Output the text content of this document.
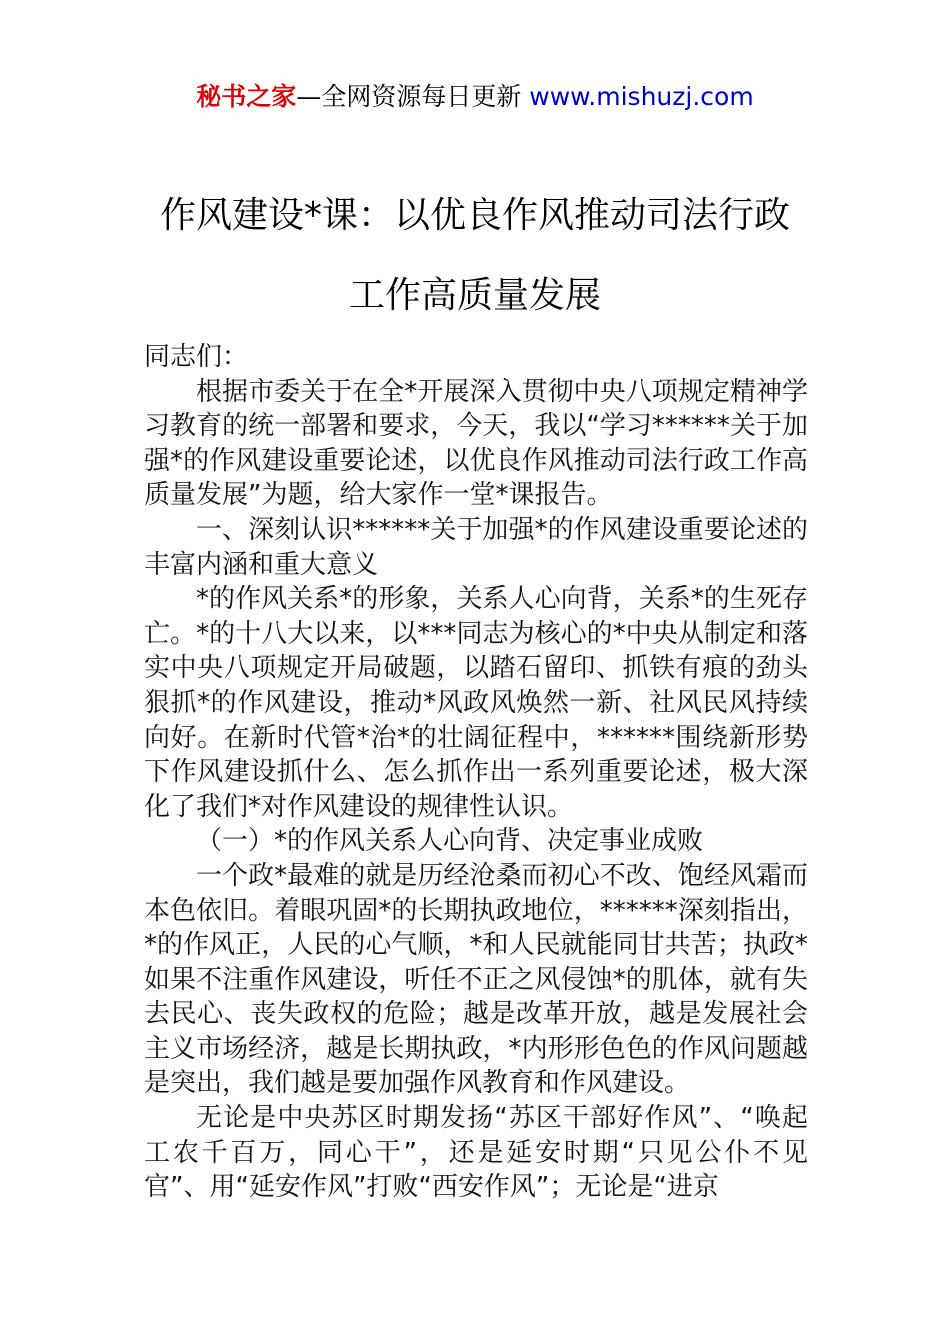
秘书之家—全网资源每日更新 www.mishuzj.com
作风建设*课：以优良作风推动司法行政
工作高质量发展

同志们：

根据市委关于在全*开展深入贯彻中央八项规定精神学习教育的统一部署和要求，今天，我以“学习******关于加强*的作风建设重要论述，以优良作风推动司法行政工作高质量发展”为题，给大家作一堂*课报告。

一、深刻认识******关于加强*的作风建设重要论述的丰富内涵和重大意义

*的作风关系*的形象，关系人心向背，关系*的生死存亡。*的十八大以来，以***同志为核心的*中央从制定和落实中央八项规定开局破题，以踏石留印、抓铁有痕的劲头狠抓*的作风建设，推动*风政风焕然一新、社风民风持续向好。在新时代管*治*的壮阔征程中，******围绕新形势下作风建设抓什么、怎么抓作出一系列重要论述，极大深化了我们*对作风建设的规律性认识。

（一）*的作风关系人心向背、决定事业成败

一个政*最难的就是历经沧桑而初心不改、饱经风霜而本色依旧。着眼巩固*的长期执政地位，******深刻指出，*的作风正，人民的心气顺，*和人民就能同甘共苦；执政*如果不注重作风建设，听任不正之风侵蚀*的肌体，就有失去民心、丧失政权的危险；越是改革开放，越是发展社会主义市场经济，越是长期执政，*内形形色色的作风问题越是突出，我们越是要加强作风教育和作风建设。

无论是中央苏区时期发扬“苏区干部好作风”、“唤起工农千百万，同心干”，还是延安时期“只见公仆不见官”、用“延安作风”打败“西安作风”；无论是“进京
